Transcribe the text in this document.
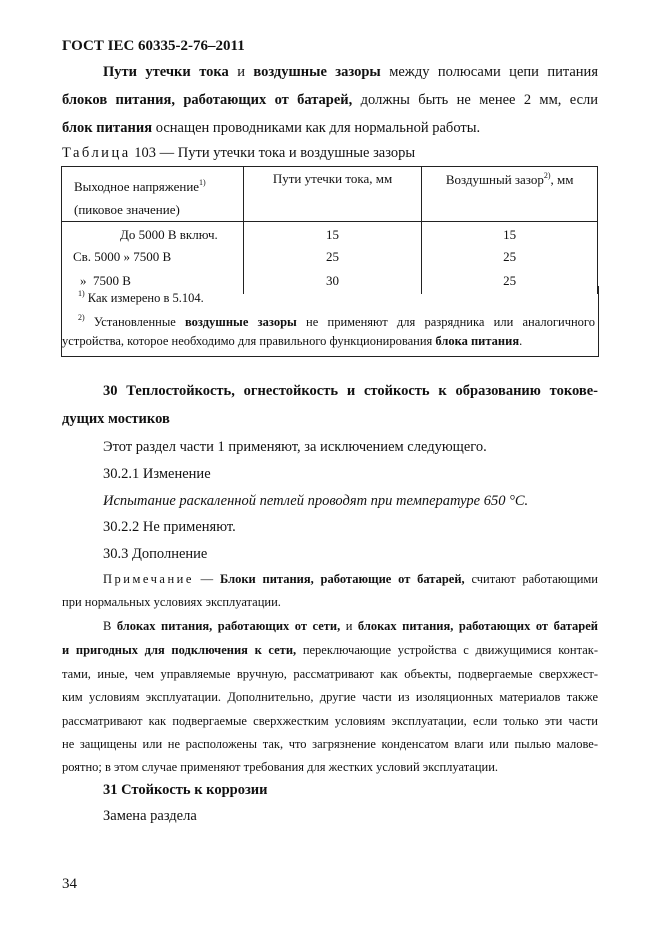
ГОСТ IEC 60335-2-76–2011
Пути утечки тока и воздушные зазоры между полюсами цепи питания
блоков питания, работающих от батарей, должны быть не менее 2 мм, если
блок питания оснащен проводниками как для нормальной работы.
Таблица 103 — Пути утечки тока и воздушные зазоры
Выходное напряжение$^{1)}$
(пиковое значение)	Пути утечки тока, мм	Воздушный зазор$^{2)}$, мм
До 5000 В включ.	15	15
Св. 5000 » 7500 В	25	25
»  7500 В	30	25
$^{1)}$ Как измерено в 5.104.
$^{2)}$ Установленные воздушные зазоры не применяют для разрядника или аналогичного
устройства, которое необходимо для правильного функционирования блока питания.
30 Теплостойкость, огнестойкость и стойкость к образованию токове-
дущих мостиков
Этот раздел части 1 применяют, за исключением следующего.
30.2.1 Изменение
Испытание раскаленной петлей проводят при температуре 650 °С.
30.2.2 Не применяют.
30.3 Дополнение
Примечание — Блоки питания, работающие от батарей, считают работающими
при нормальных условиях эксплуатации.
В блоках питания, работающих от сети, и блоках питания, работающих от батарей
и пригодных для подключения к сети, переключающие устройства с движущимися контак-
тами, иные, чем управляемые вручную, рассматривают как объекты, подвергаемые сверхжест-
ким условиям эксплуатации. Дополнительно, другие части из изоляционных материалов также
рассматривают как подвергаемые сверхжестким условиям эксплуатации, если только эти части
не защищены или не расположены так, что загрязнение конденсатом влаги или пылью малове-
роятно; в этом случае применяют требования для жестких условий эксплуатации.
31 Стойкость к коррозии
Замена раздела
34
